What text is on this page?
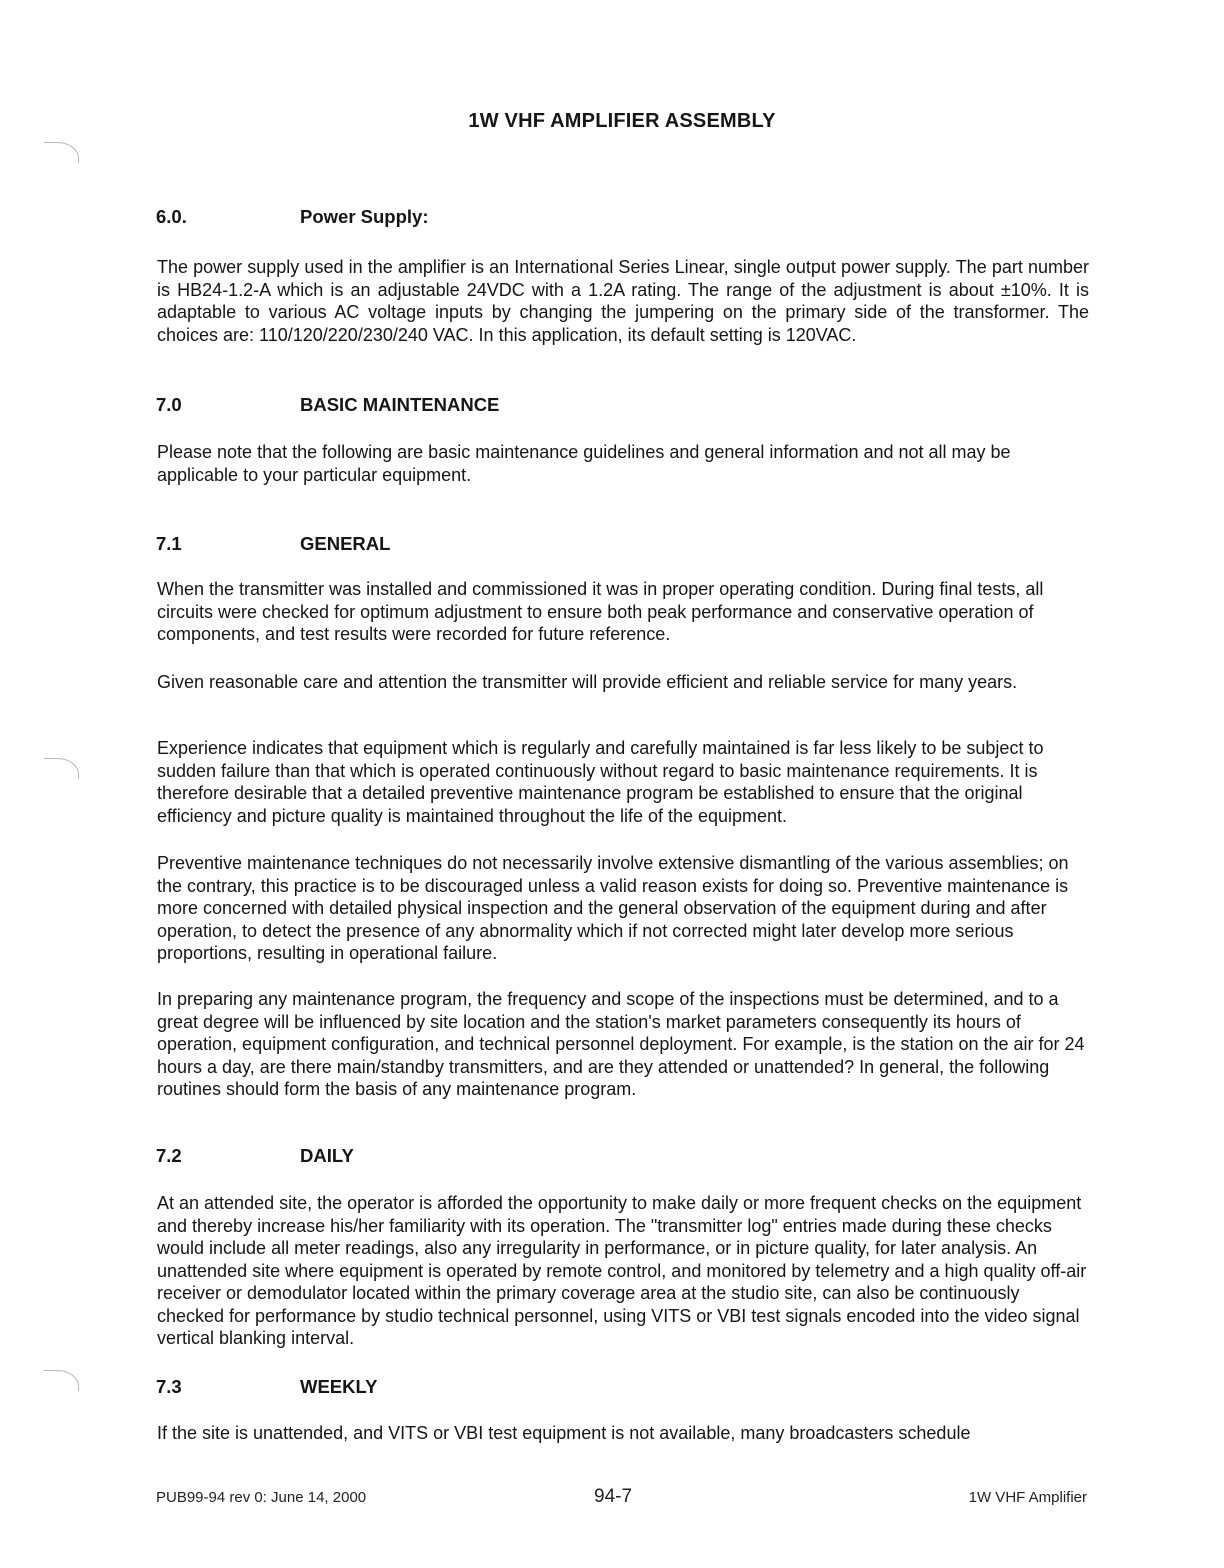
1W VHF AMPLIFIER ASSEMBLY
6.0.	Power Supply:

The power supply used in the amplifier is an International Series Linear, single output power supply. The part number is HB24-1.2-A which is an adjustable 24VDC with a 1.2A rating. The range of the adjustment is about ±10%. It is adaptable to various AC voltage inputs by changing the jumpering on the primary side of the transformer. The choices are: 110/120/220/230/240 VAC. In this application, its default setting is 120VAC.

7.0	BASIC MAINTENANCE

Please note that the following are basic maintenance guidelines and general information and not all may be applicable to your particular equipment.

7.1	GENERAL

When the transmitter was installed and commissioned it was in proper operating condition. During final tests, all circuits were checked for optimum adjustment to ensure both peak performance and conservative operation of components, and test results were recorded for future reference.

Given reasonable care and attention the transmitter will provide efficient and reliable service for many years.

Experience indicates that equipment which is regularly and carefully maintained is far less likely to be subject to sudden failure than that which is operated continuously without regard to basic maintenance requirements. It is therefore desirable that a detailed preventive maintenance program be established to ensure that the original efficiency and picture quality is maintained throughout the life of the equipment.

Preventive maintenance techniques do not necessarily involve extensive dismantling of the various assemblies; on the contrary, this practice is to be discouraged unless a valid reason exists for doing so. Preventive maintenance is more concerned with detailed physical inspection and the general observation of the equipment during and after operation, to detect the presence of any abnormality which if not corrected might later develop more serious proportions, resulting in operational failure.

In preparing any maintenance program, the frequency and scope of the inspections must be determined, and to a great degree will be influenced by site location and the station's market parameters consequently its hours of operation, equipment configuration, and technical personnel deployment. For example, is the station on the air for 24 hours a day, are there main/standby transmitters, and are they attended or unattended? In general, the following routines should form the basis of any maintenance program.

7.2	DAILY

At an attended site, the operator is afforded the opportunity to make daily or more frequent checks on the equipment and thereby increase his/her familiarity with its operation. The "transmitter log" entries made during these checks would include all meter readings, also any irregularity in performance, or in picture quality, for later analysis. An unattended site where equipment is operated by remote control, and monitored by telemetry and a high quality off-air receiver or demodulator located within the primary coverage area at the studio site, can also be continuously checked for performance by studio technical personnel, using VITS or VBI test signals encoded into the video signal vertical blanking interval.

7.3	WEEKLY

If the site is unattended, and VITS or VBI test equipment is not available, many broadcasters schedule

PUB99-94 rev 0: June 14, 2000	94-7	1W VHF Amplifier
